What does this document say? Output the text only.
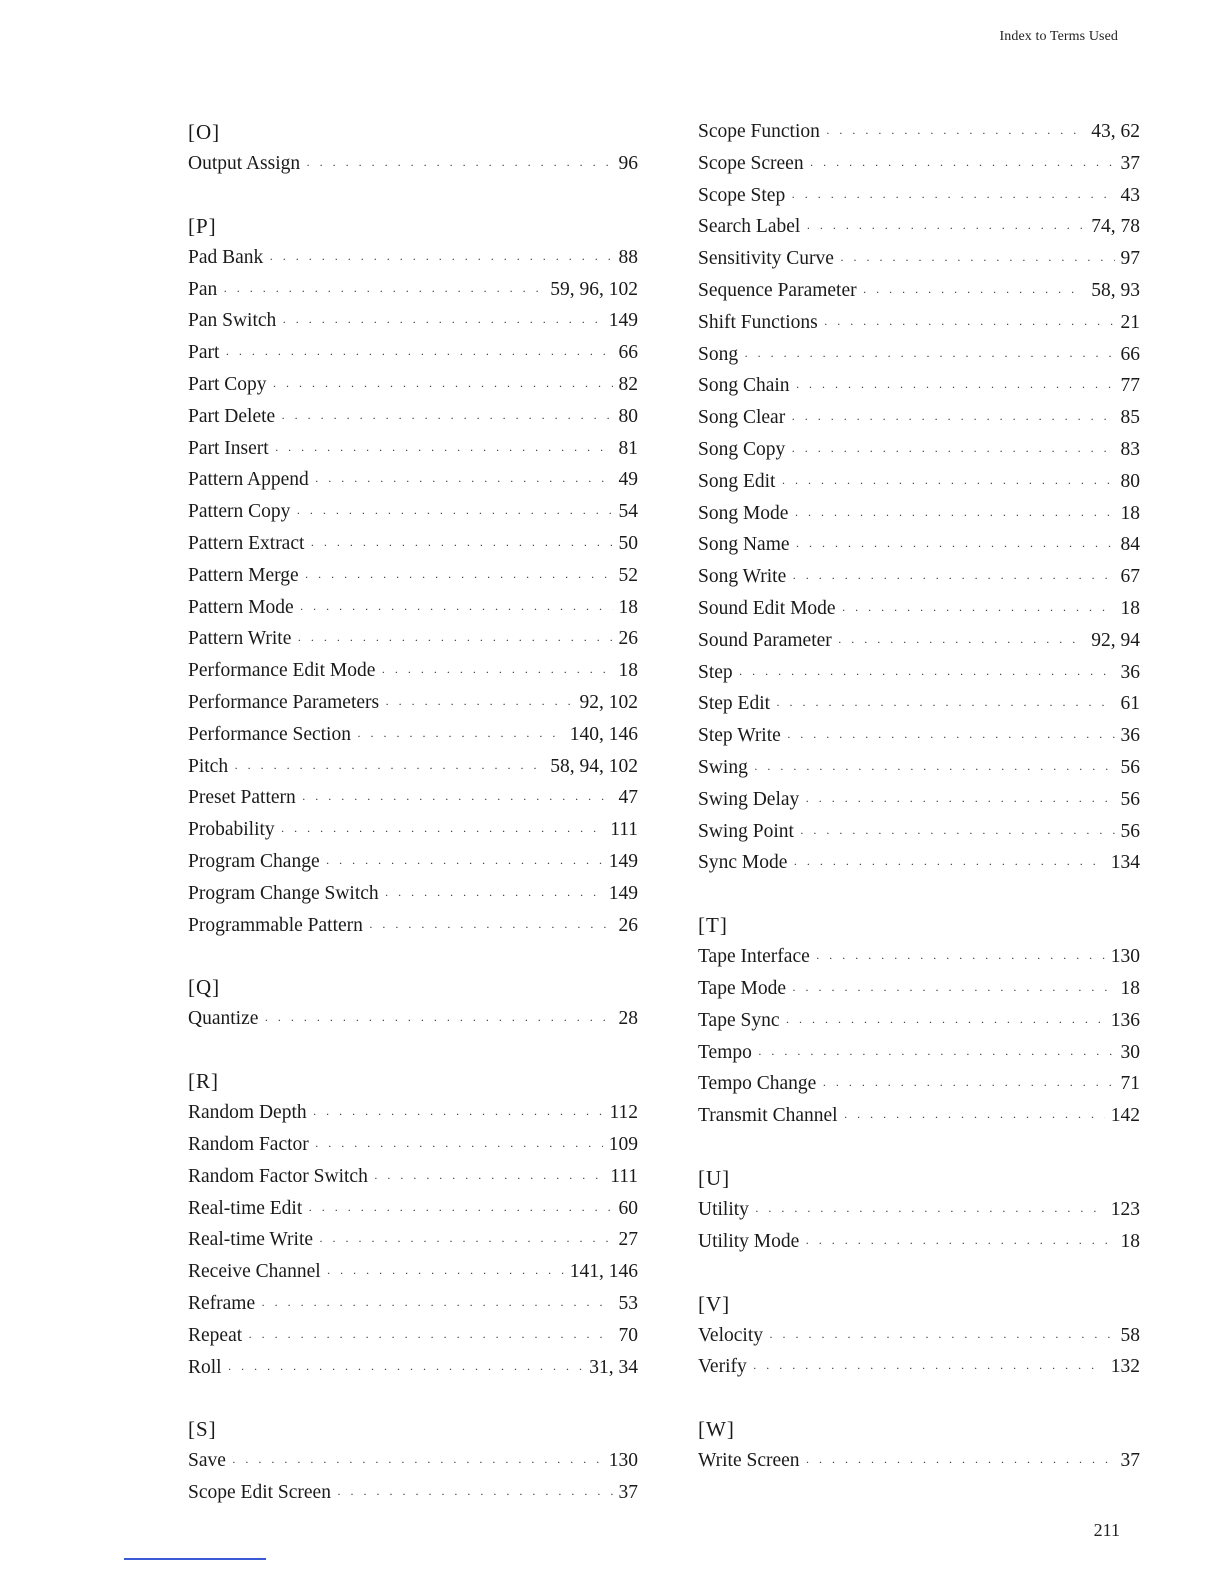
Index to Terms Used
[O]
Output Assign · · ·	96
[P]
Pad Bank · · ·	88
Pan · · ·	59, 96, 102
Pan Switch · · ·	149
Part · · ·	66
Part Copy · · ·	82
Part Delete · · ·	80
Part Insert · · ·	81
Pattern Append · · ·	49
Pattern Copy · · ·	54
Pattern Extract · · ·	50
Pattern Merge · · ·	52
Pattern Mode · · ·	18
Pattern Write · · ·	26
Performance Edit Mode · · ·	18
Performance Parameters · · ·	92, 102
Performance Section · · ·	140, 146
Pitch · · ·	58, 94, 102
Preset Pattern · · ·	47
Probability · · ·	111
Program Change · · ·	149
Program Change Switch · · ·	149
Programmable Pattern · · ·	26
[Q]
Quantize · · ·	28
[R]
Random Depth · · ·	112
Random Factor · · ·	109
Random Factor Switch · · ·	111
Real-time Edit · · ·	60
Real-time Write · · ·	27
Receive Channel · · ·	141, 146
Reframe · · ·	53
Repeat · · ·	70
Roll · · ·	31, 34
[S]
Save · · ·	130
Scope Edit Screen · · ·	37
Scope Function · · ·	43, 62
Scope Screen · · ·	37
Scope Step · · ·	43
Search Label · · ·	74, 78
Sensitivity Curve · · ·	97
Sequence Parameter · · ·	58, 93
Shift Functions · · ·	21
Song · · ·	66
Song Chain · · ·	77
Song Clear · · ·	85
Song Copy · · ·	83
Song Edit · · ·	80
Song Mode · · ·	18
Song Name · · ·	84
Song Write · · ·	67
Sound Edit Mode · · ·	18
Sound Parameter · · ·	92, 94
Step · · ·	36
Step Edit · · ·	61
Step Write · · ·	36
Swing · · ·	56
Swing Delay · · ·	56
Swing Point · · ·	56
Sync Mode · · ·	134
[T]
Tape Interface · · ·	130
Tape Mode · · ·	18
Tape Sync · · ·	136
Tempo · · ·	30
Tempo Change · · ·	71
Transmit Channel · · ·	142
[U]
Utility · · ·	123
Utility Mode · · ·	18
[V]
Velocity · · ·	58
Verify · · ·	132
[W]
Write Screen · · ·	37
211
